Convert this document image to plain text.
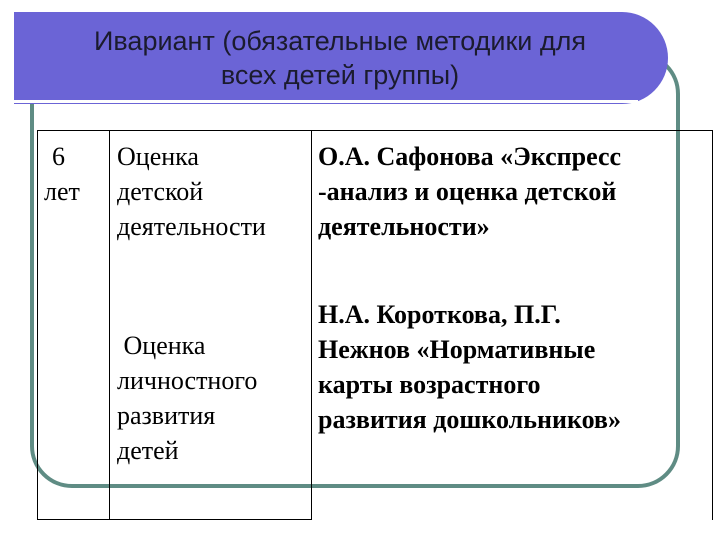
Ивариант (обязательные методики для
всех детей группы)
6
лет
Оценка
детской
деятельности
О.А. Сафонова «Экспресс
-анализ и оценка детской
деятельности»
Оценка
личностного
развития
детей
Н.А. Короткова, П.Г.
Нежнов «Нормативные
карты возрастного
развития дошкольников»
